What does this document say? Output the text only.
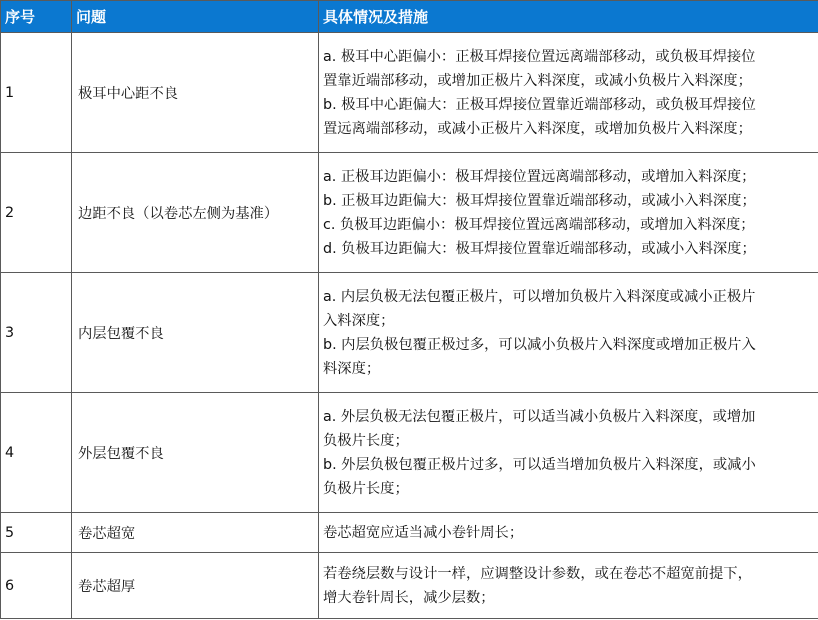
序号	问题	具体情况及措施
1	极耳中心距不良	a. 极耳中心距偏小：正极耳焊接位置远离端部移动，或负极耳焊接位
置靠近端部移动，或增加正极片入料深度，或减小负极片入料深度；
b. 极耳中心距偏大：正极耳焊接位置靠近端部移动，或负极耳焊接位
置远离端部移动，或减小正极片入料深度，或增加负极片入料深度；

2	边距不良（以卷芯左侧为基准）	a. 正极耳边距偏小：极耳焊接位置远离端部移动，或增加入料深度；
b. 正极耳边距偏大：极耳焊接位置靠近端部移动，或减小入料深度；
c. 负极耳边距偏小：极耳焊接位置远离端部移动，或增加入料深度；
d. 负极耳边距偏大：极耳焊接位置靠近端部移动，或减小入料深度；

3	内层包覆不良	a. 内层负极无法包覆正极片，可以增加负极片入料深度或减小正极片
入料深度；
b. 内层负极包覆正极过多，可以减小负极片入料深度或增加正极片入
料深度；

4	外层包覆不良	a. 外层负极无法包覆正极片，可以适当减小负极片入料深度，或增加
负极片长度；
b. 外层负极包覆正极片过多，可以适当增加负极片入料深度，或减小
负极片长度；

5	卷芯超宽	卷芯超宽应适当减小卷针周长；

6	卷芯超厚	若卷绕层数与设计一样，应调整设计参数，或在卷芯不超宽前提下，
增大卷针周长，减少层数；
